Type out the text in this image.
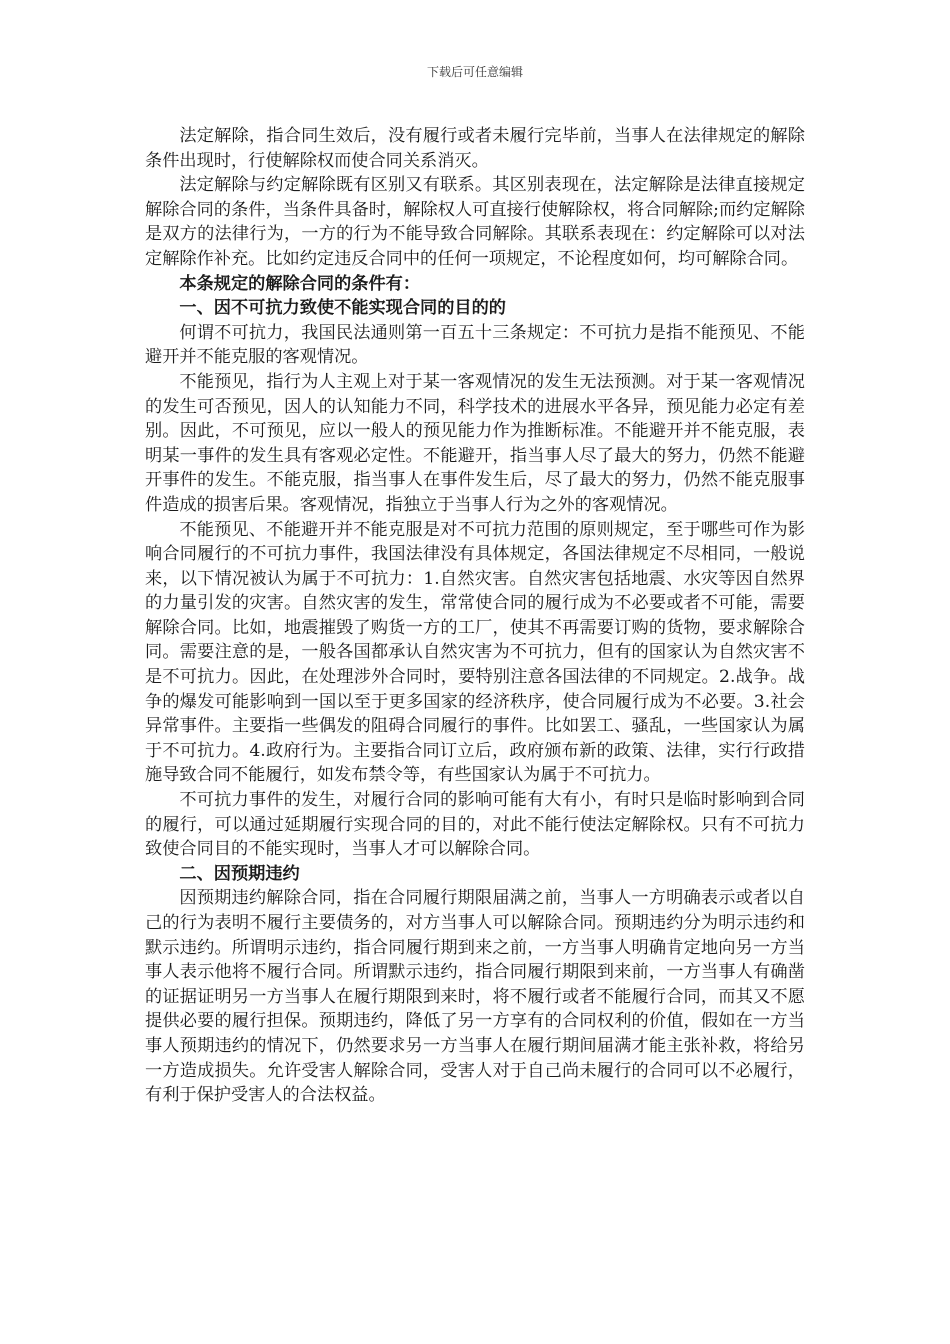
下载后可任意编辑

法定解除，指合同生效后，没有履行或者未履行完毕前，当事人在法律规定的解除条件出现时，行使解除权而使合同关系消灭。

法定解除与约定解除既有区别又有联系。其区别表现在，法定解除是法律直接规定解除合同的条件，当条件具备时，解除权人可直接行使解除权，将合同解除;而约定解除是双方的法律行为，一方的行为不能导致合同解除。其联系表现在：约定解除可以对法定解除作补充。比如约定违反合同中的任何一项规定，不论程度如何，均可解除合同。

本条规定的解除合同的条件有：

一、因不可抗力致使不能实现合同的目的的

何谓不可抗力，我国民法通则第一百五十三条规定：不可抗力是指不能预见、不能避开并不能克服的客观情况。

不能预见，指行为人主观上对于某一客观情况的发生无法预测。对于某一客观情况的发生可否预见，因人的认知能力不同，科学技术的进展水平各异，预见能力必定有差别。因此，不可预见，应以一般人的预见能力作为推断标准。不能避开并不能克服，表明某一事件的发生具有客观必定性。不能避开，指当事人尽了最大的努力，仍然不能避开事件的发生。不能克服，指当事人在事件发生后，尽了最大的努力，仍然不能克服事件造成的损害后果。客观情况，指独立于当事人行为之外的客观情况。

不能预见、不能避开并不能克服是对不可抗力范围的原则规定，至于哪些可作为影响合同履行的不可抗力事件，我国法律没有具体规定，各国法律规定不尽相同，一般说来，以下情况被认为属于不可抗力：1.自然灾害。自然灾害包括地震、水灾等因自然界的力量引发的灾害。自然灾害的发生，常常使合同的履行成为不必要或者不可能，需要解除合同。比如，地震摧毁了购货一方的工厂，使其不再需要订购的货物，要求解除合同。需要注意的是，一般各国都承认自然灾害为不可抗力，但有的国家认为自然灾害不是不可抗力。因此，在处理涉外合同时，要特别注意各国法律的不同规定。2.战争。战争的爆发可能影响到一国以至于更多国家的经济秩序，使合同履行成为不必要。3.社会异常事件。主要指一些偶发的阻碍合同履行的事件。比如罢工、骚乱，一些国家认为属于不可抗力。4.政府行为。主要指合同订立后，政府颁布新的政策、法律，实行行政措施导致合同不能履行，如发布禁令等，有些国家认为属于不可抗力。

不可抗力事件的发生，对履行合同的影响可能有大有小，有时只是临时影响到合同的履行，可以通过延期履行实现合同的目的，对此不能行使法定解除权。只有不可抗力致使合同目的不能实现时，当事人才可以解除合同。

二、因预期违约

因预期违约解除合同，指在合同履行期限届满之前，当事人一方明确表示或者以自己的行为表明不履行主要债务的，对方当事人可以解除合同。预期违约分为明示违约和默示违约。所谓明示违约，指合同履行期到来之前，一方当事人明确肯定地向另一方当事人表示他将不履行合同。所谓默示违约，指合同履行期限到来前，一方当事人有确凿的证据证明另一方当事人在履行期限到来时，将不履行或者不能履行合同，而其又不愿提供必要的履行担保。预期违约，降低了另一方享有的合同权利的价值，假如在一方当事人预期违约的情况下，仍然要求另一方当事人在履行期间届满才能主张补救，将给另一方造成损失。允许受害人解除合同，受害人对于自己尚未履行的合同可以不必履行，有利于保护受害人的合法权益。
